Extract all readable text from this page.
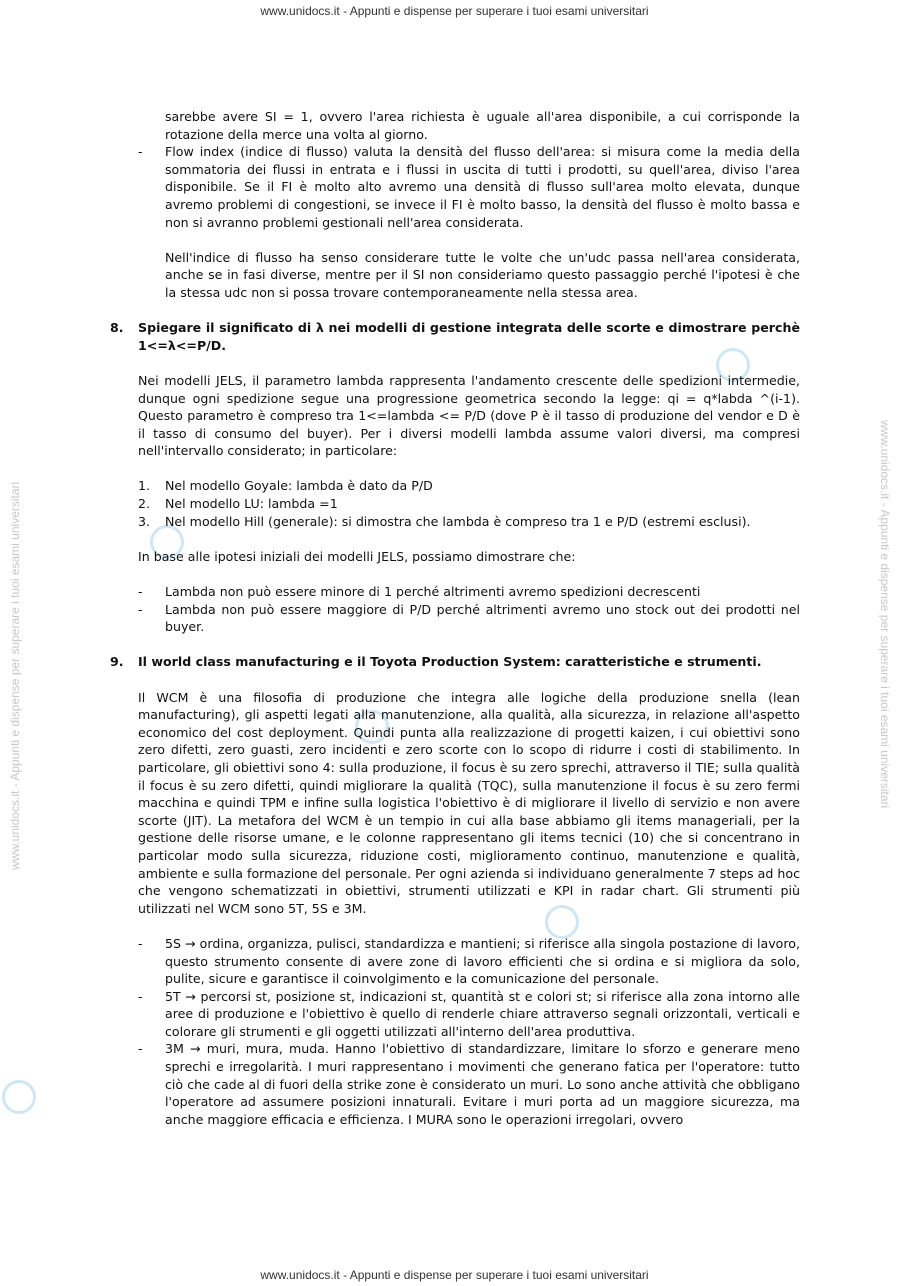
www.unidocs.it - Appunti e dispense per superare i tuoi esami universitari
www.unidocs.it - Appunti e dispense per superare i tuoi esami universitari	www.unidocs.it - Appunti e dispense per superare i tuoi esami universitari

sarebbe avere SI = 1, ovvero l'area richiesta è uguale all'area disponibile, a cui corrisponde la rotazione della merce una volta al giorno.

-	Flow index (indice di flusso) valuta la densità del flusso dell'area: si misura come la media della sommatoria dei flussi in entrata e i flussi in uscita di tutti i prodotti, su quell'area, diviso l'area disponibile. Se il FI è molto alto avremo una densità di flusso sull'area molto elevata, dunque avremo problemi di congestioni, se invece il FI è molto basso, la densità del flusso è molto bassa e non si avranno problemi gestionali nell'area considerata.

Nell'indice di flusso ha senso considerare tutte le volte che un'udc passa nell'area considerata, anche se in fasi diverse, mentre per il SI non consideriamo questo passaggio perché l'ipotesi è che la stessa udc non si possa trovare contemporaneamente nella stessa area.

8.	Spiegare il significato di λ nei modelli di gestione integrata delle scorte e dimostrare perchè 1<=λ<=P/D.

Nei modelli JELS, il parametro lambda rappresenta l'andamento crescente delle spedizioni intermedie, dunque ogni spedizione segue una progressione geometrica secondo la legge: qi = q*labda ^(i-1). Questo parametro è compreso tra 1<=lambda <= P/D (dove P è il tasso di produzione del vendor e D è il tasso di consumo del buyer). Per i diversi modelli lambda assume valori diversi, ma compresi nell'intervallo considerato; in particolare:

1.	Nel modello Goyale: lambda è dato da P/D
2.	Nel modello LU: lambda =1
3.	Nel modello Hill (generale): si dimostra che lambda è compreso tra 1 e P/D (estremi esclusi).

In base alle ipotesi iniziali dei modelli JELS, possiamo dimostrare che:

-	Lambda non può essere minore di 1 perché altrimenti avremo spedizioni decrescenti

-	Lambda non può essere maggiore di P/D perché altrimenti avremo uno stock out dei prodotti nel buyer.

9.	Il world class manufacturing e il Toyota Production System: caratteristiche e strumenti.

Il WCM è una filosofia di produzione che integra alle logiche della produzione snella (lean manufacturing), gli aspetti legati alla manutenzione, alla qualità, alla sicurezza, in relazione all'aspetto economico del cost deployment. Quindi punta alla realizzazione di progetti kaizen, i cui obiettivi sono zero difetti, zero guasti, zero incidenti e zero scorte con lo scopo di ridurre i costi di stabilimento. In particolare, gli obiettivi sono 4: sulla produzione, il focus è su zero sprechi, attraverso il TIE; sulla qualità il focus è su zero difetti, quindi migliorare la qualità (TQC), sulla manutenzione il focus è su zero fermi macchina e quindi TPM e infine sulla logistica l'obiettivo è di migliorare il livello di servizio e non avere scorte (JIT). La metafora del WCM è un tempio in cui alla base abbiamo gli items manageriali, per la gestione delle risorse umane, e le colonne rappresentano gli items tecnici (10) che si concentrano in particolar modo sulla sicurezza, riduzione costi, miglioramento continuo, manutenzione e qualità, ambiente e sulla formazione del personale. Per ogni azienda si individuano generalmente 7 steps ad hoc che vengono schematizzati in obiettivi, strumenti utilizzati e KPI in radar chart. Gli strumenti più utilizzati nel WCM sono 5T, 5S e 3M.

-	5S → ordina, organizza, pulisci, standardizza e mantieni; si riferisce alla singola postazione di lavoro, questo strumento consente di avere zone di lavoro efficienti che si ordina e si migliora da solo, pulite, sicure e garantisce il coinvolgimento e la comunicazione del personale.

-	5T → percorsi st, posizione st, indicazioni st, quantità st e colori st; si riferisce alla zona intorno alle aree di produzione e l'obiettivo è quello di renderle chiare attraverso segnali orizzontali, verticali e colorare gli strumenti e gli oggetti utilizzati all'interno dell'area produttiva.

-	3M → muri, mura, muda. Hanno l'obiettivo di standardizzare, limitare lo sforzo e generare meno sprechi e irregolarità. I muri rappresentano i movimenti che generano fatica per l'operatore: tutto ciò che cade al di fuori della strike zone è considerato un muri. Lo sono anche attività che obbligano l'operatore ad assumere posizioni innaturali. Evitare i muri porta ad un maggiore sicurezza, ma anche maggiore efficacia e efficienza. I MURA sono le operazioni irregolari, ovvero

www.unidocs.it - Appunti e dispense per superare i tuoi esami universitari
